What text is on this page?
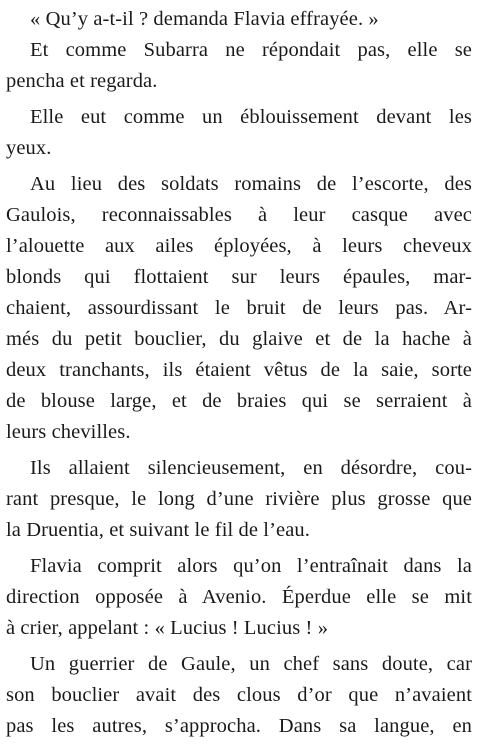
« Qu’y a-t-il ? demanda Flavia effrayée. »
Et comme Subarra ne répondait pas, elle se
pencha et regarda.
Elle eut comme un éblouissement devant les
yeux.
Au lieu des soldats romains de l’escorte, des
Gaulois, reconnaissables à leur casque avec
l’alouette aux ailes éployées, à leurs cheveux
blonds qui flottaient sur leurs épaules, mar-
chaient, assourdissant le bruit de leurs pas. Ar-
més du petit bouclier, du glaive et de la hache à
deux tranchants, ils étaient vêtus de la saie, sorte
de blouse large, et de braies qui se serraient à
leurs chevilles.
Ils allaient silencieusement, en désordre, cou-
rant presque, le long d’une rivière plus grosse que
la Druentia, et suivant le fil de l’eau.
Flavia comprit alors qu’on l’entraînait dans la
direction opposée à Avenio. Éperdue elle se mit
à crier, appelant : « Lucius ! Lucius ! »
Un guerrier de Gaule, un chef sans doute, car
son bouclier avait des clous d’or que n’avaient
pas les autres, s’approcha. Dans sa langue, en
